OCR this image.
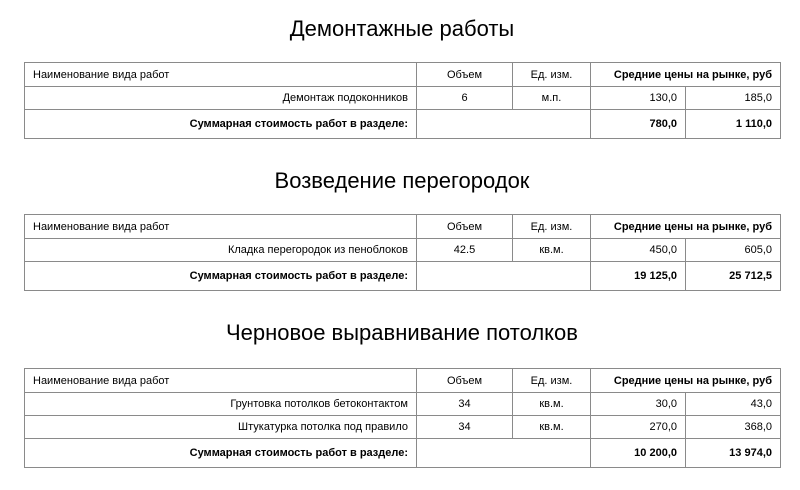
Демонтажные работы
Наименование вида работ	Объем	Ед. изм.	Средние цены на рынке, руб	
Демонтаж подоконников	6	м.п.	130,0	185,0
Суммарная стоимость работ в разделе:			780,0	1 110,0
Возведение перегородок
Наименование вида работ	Объем	Ед. изм.	Средние цены на рынке, руб	
Кладка перегородок из пеноблоков	42.5	кв.м.	450,0	605,0
Суммарная стоимость работ в разделе:			19 125,0	25 712,5
Черновое выравнивание потолков
Наименование вида работ	Объем	Ед. изм.	Средние цены на рынке, руб	
Грунтовка потолков бетоконтактом	34	кв.м.	30,0	43,0
Штукатурка потолка под правило	34	кв.м.	270,0	368,0
Суммарная стоимость работ в разделе:			10 200,0	13 974,0
